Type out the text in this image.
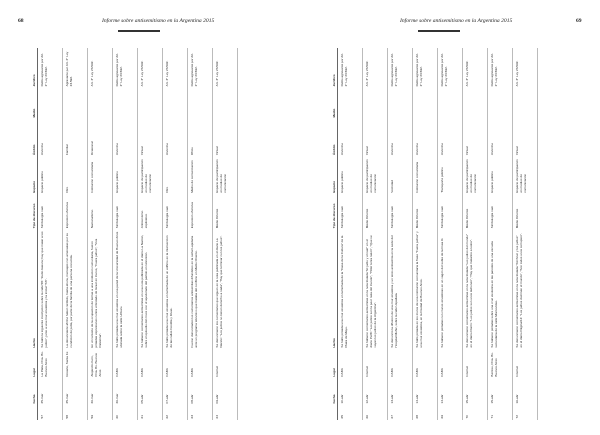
68	Informe sobre antisemitismo en la Argentina 2015
	Fecha	Lugar	Hecho	Tipo de discurso	Espacio	Ámbito	Medio	Jurídico
57	25-mar	La Plata, Pcia. Bs. Buenos Aires	Se halló la siguiente inscripción sobre la calle 58: "Judío basura; hay que matar a los judíos", junto a una cruz esvástica y la inicial "SS".	Simbología nazi	Espacio público	Anónimo		Delito agravante por Art. 2° Ley 23.592.
58	25-mar	Rosario, Santa Fe	La denunciante afirmó haber recibido, hasta ahora, mensajes con amenazas por su condición de judía, por parte de la familia de una persona conocida.	Expresión ofensiva	Otro	Familiar		Agravante por Art. 2° Ley 23.592.
59	26-mar	Alejandro Korn, Pcia. Bs. Buenos Aires	En el contexto de la ocupación de tierras a una institución comunitaria, fueron pintadas expresiones contra el Estado de Israel en muros, "Fuera judíos", "Viva Palestina".	Nacionalismo	Institución comunitaria	Ocasional		Art. 3° Ley 23.592.
60	26-mar	CABA	Se halló pintada una cruz esvástica en una pared de la Universidad de Buenos Aires ubicada sobre la calle Uriburu.	Simbología nazi	Espacio público	Anónimo		Delito agravante por Art. 2° Ley 23.592.
61	05-abr	CABA	Se hallaron comentarios antisemitas en una nota publicada en el diario La Nación, sobre el episodio del cruce con el apoderado del partido en televisión.	Antisionismo explicativo	Espacio de participación en medios de comunicación	Virtual		Art. 3° Ley 23.592.
62	07-abr	CABA	Se halló pintada una cruz esvástica en la fachada de un edificio en la intersección de las calles Costilla y Rivas.	Simbología nazi	Otro	Anónimo		Art. 3° Ley 23.592.
63	08-abr	CABA	Fueron denunciados los comentarios antisemitas difundidos en la señal Lapidaria ante un programa televisivo que trataba del conflicto en Medio Oriente.	Expresión ofensiva	Medio de comunicación	Oficio		Delito agravante por Art. 2° Ley 23.592.
64	09-abr	Internet	Se denunciaron los comentarios que siguen en la nota publicada en el diario La Nación: "Los judíos no tienen derecho a nada", "Hay que terminar con los judíos".	Medio Oriente	Espacio de participación en medios de comunicación	Virtual		Art. 3° Ley 23.592.
Informe sobre antisemitismo en la Argentina 2015	69
	Fecha	Lugar	Hecho	Tipo de discurso	Espacio	Ámbito	Medio	Jurídico
65	10-abr	CABA	Se halló pintada una cruz esvástica en la fachada de la "Casa de la Cultura" de la Plaza de Mayo.	Simbología nazi	Espacio público	Anónimo		Delito agravante por Art. 2° Ley 23.592.
66	12-abr	Internet	Se hallaron comentarios antisemitas en la nota titulada "El judío y el nazi" en el diario Perfil: "Los judíos son la peor raza del mundo", "Hitler tenía razón", "Que se vayan los judíos de la Argentina".	Medio Oriente	Espacio de participación en medios de comunicación	Virtual		Art. 3° Ley 23.592.
67	13-abr	CABA	Se denunció la difusión de una cruz esvástica y un texto antisemita en la sede del Hospital Muñiz, sobre la calle Uspallata.	Simbología nazi	Vecindad	Anónimo		Delito agravante por Art. 2° Ley 23.592.
68	14-abr	CABA	Se halló pintada en los muros de una institución comunitaria la frase "Fuera judíos" y una cruz esvástica, en la Ciudad de Buenos Aires.	Medio Oriente	Institución comunitaria	Anónimo		Delito agravante por Art. 2° Ley 23.592.
69	14-abr	CABA	Se hallaron pintadas con cruces esvásticas en un vagón del subte de la línea D.	Simbología nazi	Transporte público	Anónimo		Delito agravante por Art. 2° Ley 23.592.
70	15-abr	Internet	Se denunciaron comentarios antisemitas en la nota titulada "Los judíos del mundo" en el diario Clarín: "Los judíos son unos ladrones", "Hay que matarlos a todos".	Medio Oriente	Espacio de participación en medios de comunicación	Virtual		Art. 3° Ley 23.592.
71	15-abr	Berisso, Pcia. Bs. Buenos Aires	Se hallaron pintadas sobre una cruz esvástica en las paredes de una escuela secundaria de la calle Montevideo.	Simbología nazi	Espacio público	Anónimo		Delito agravante por Art. 2° Ley 23.592.
72	16-abr	Internet	Se denunciaron comentarios antisemitas en la nota titulada "Kirchner y los judíos" en el diario Página/12: "Los judíos dominan el mundo", "Son todos unos corruptos".	Medio Oriente	Espacio de participación en medios de comunicación	Virtual		Art. 3° Ley 23.592.
